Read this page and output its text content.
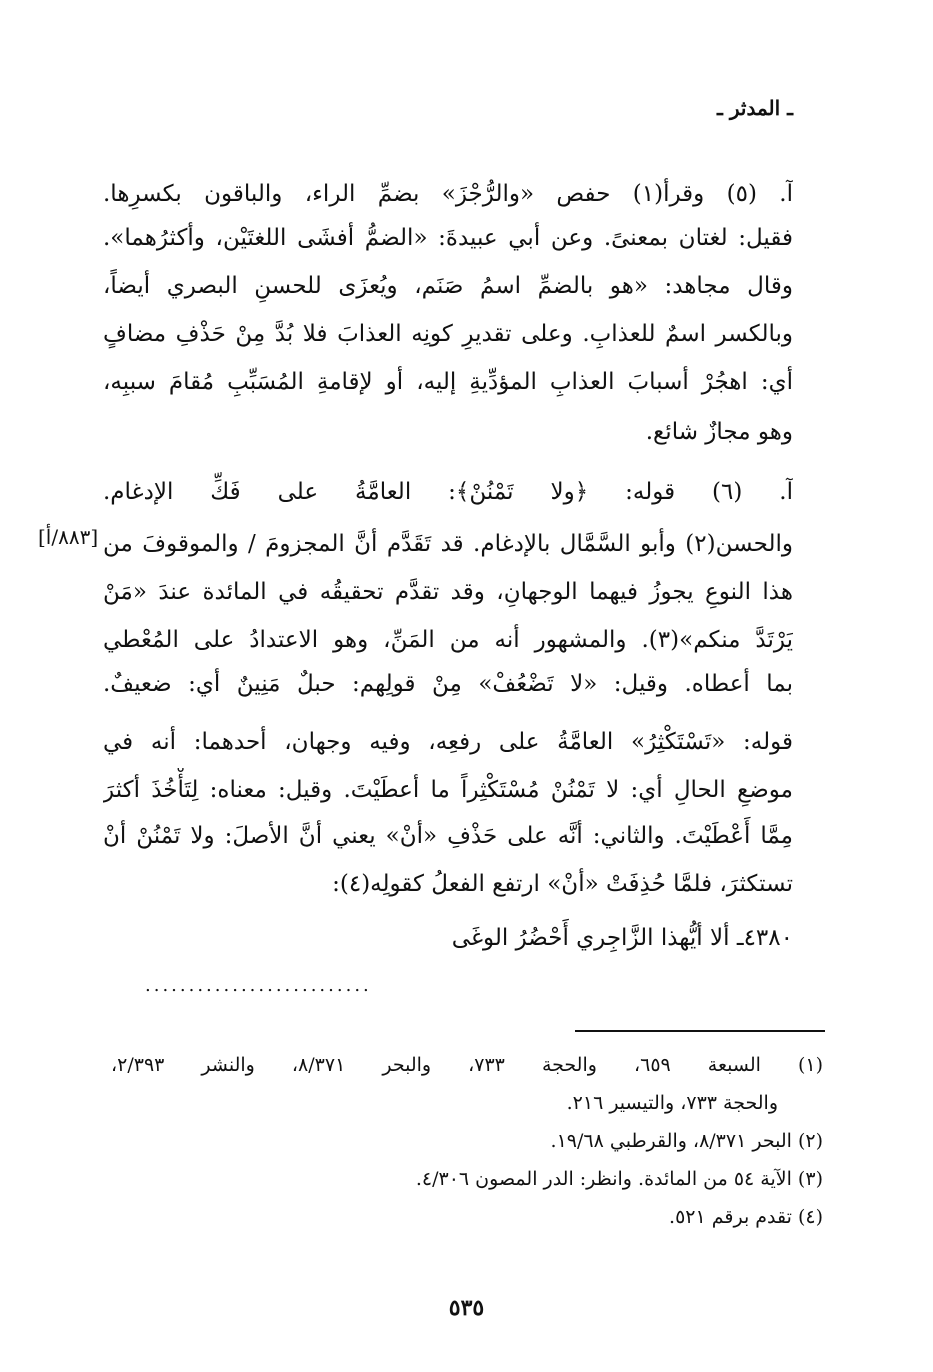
ـ المدثر ـ
آ. (٥) وقرأ(١) حفص «والرُّجْزَ» بضمِّ الراء، والباقون بكسرِها.
فقيل: لغتان بمعنىً. وعن أبي عبيدةَ: «الضمُّ أفشَى اللغتَيْن، وأكثرُهما».
وقال مجاهد: «هو بالضمِّ اسمُ صَنَم، ويُعزَى للحسنِ البصري أيضاً،
وبالكسر اسمٌ للعذابِ. وعلى تقديرِ كونِه العذابَ فلا بُدَّ مِنْ حَذْفِ مضافٍ
أي: اهجُرْ أسبابَ العذابِ المؤدِّيةِ إليه، أو لإقامةِ المُسَبِّبِ مُقامَ سببِه،
وهو مجازٌ شائع.
آ. (٦) قوله: ﴿ولا تَمْنُنْ﴾: العامَّةُ على فَكِّ الإدغام.
والحسن(٢) وأبو السَّمَّال بالإدغام. قد تَقَدَّم أنَّ المجزومَ / والموقوفَ من
[٨٨٣/أ]
هذا النوعِ يجوزُ فيهما الوجهانِ، وقد تقدَّم تحقيقُه في المائدة عندَ «مَنْ
يَرْتَدَّ منكم»(٣). والمشهور أنه من المَنِّ، وهو الاعتدادُ على المُعْطي
بما أعطاه. وقيل: «لا تَضْعُفْ» مِنْ قولِهم: حبلٌ مَنِينٌ أي: ضعيفٌ.
قوله: «تَسْتَكْثِرُ» العامَّةُ على رفعِه، وفيه وجهان، أحدهما: أنه في
موضعِ الحالِ أي: لا تَمْنُنْ مُسْتَكْثِراً ما أعطَيْتَ. وقيل: معناه: لِتَأْخُذَ أكثرَ
مِمَّا أَعْطَيْتَ. والثاني: أنَّه على حَذْفِ «أنْ» يعني أنَّ الأصلَ: ولا تَمْنُنْ أنْ
تستكثرَ، فلمَّا حُذِفَتْ «أنْ» ارتفع الفعلُ كقولِه(٤):
٤٣٨٠ـ ألا أيُّهذا الزَّاجِري أَحْضُرُ الوغَى
..........................
(١) السبعة ٦٥٩، والحجة ٧٣٣، والبحر ٨/٣٧١، والنشر ٢/٣٩٣،
والحجة ٧٣٣، والتيسير ٢١٦.
(٢) البحر ٨/٣٧١، والقرطبي ١٩/٦٨.
(٣) الآية ٥٤ من المائدة. وانظر: الدر المصون ٤/٣٠٦.
(٤) تقدم برقم ٥٢١.
٥٣٥
